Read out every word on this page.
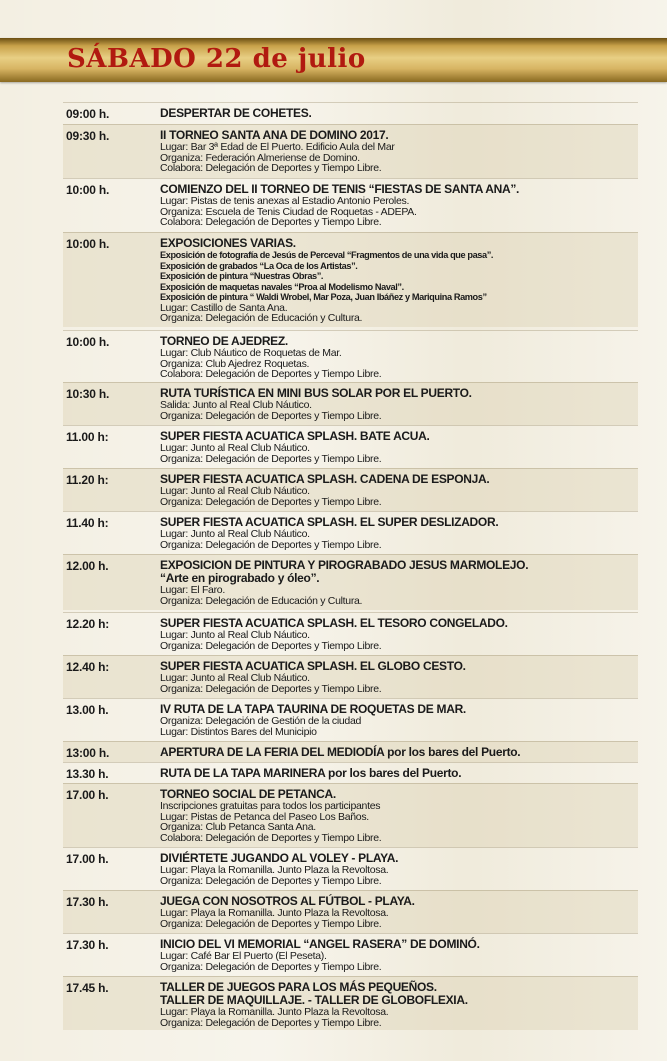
SÁBADO 22 de julio
09:00 h.	DESPERTAR DE COHETES.
09:30 h.	II TORNEO SANTA ANA DE DOMINO 2017.
Lugar: Bar 3ª Edad de El Puerto. Edificio Aula del Mar
Organiza: Federación Almeriense de Domino.
Colabora: Delegación de Deportes y Tiempo Libre.
10:00 h.	COMIENZO DEL II TORNEO DE TENIS “FIESTAS DE SANTA ANA”.
Lugar: Pistas de tenis anexas al Estadio Antonio Peroles.
Organiza: Escuela de Tenis Ciudad de Roquetas - ADEPA.
Colabora: Delegación de Deportes y Tiempo Libre.
10:00 h.	EXPOSICIONES VARIAS.
Exposición de fotografía de Jesús de Perceval “Fragmentos de una vida que pasa”.
Exposición de grabados “La Oca de los Artistas”.
Exposición de pintura “Nuestras Obras”.
Exposición de maquetas navales “Proa al Modelismo Naval”.
Exposición de pintura “ Waldi Wrobel, Mar Poza, Juan Ibáñez y Mariquina Ramos”
Lugar: Castillo de Santa Ana.
Organiza: Delegación de Educación y Cultura.
10:00 h.	TORNEO DE AJEDREZ.
Lugar: Club Náutico de Roquetas de Mar.
Organiza: Club Ajedrez Roquetas.
Colabora: Delegación de Deportes y Tiempo Libre.
10:30 h.	RUTA TURÍSTICA EN MINI BUS SOLAR POR EL PUERTO.
Salida: Junto al Real Club Náutico.
Organiza: Delegación de Deportes y Tiempo Libre.
11.00 h:	SUPER FIESTA ACUATICA SPLASH. BATE ACUA.
Lugar: Junto al Real Club Náutico.
Organiza: Delegación de Deportes y Tiempo Libre.
11.20 h:	SUPER FIESTA ACUATICA SPLASH. CADENA DE ESPONJA.
Lugar: Junto al Real Club Náutico.
Organiza: Delegación de Deportes y Tiempo Libre.
11.40 h:	SUPER FIESTA ACUATICA SPLASH. EL SUPER DESLIZADOR.
Lugar: Junto al Real Club Náutico.
Organiza: Delegación de Deportes y Tiempo Libre.
12.00 h.	EXPOSICION DE PINTURA Y PIROGRABADO JESUS MARMOLEJO.
“Arte en pirograbado y óleo”.
Lugar: El Faro.
Organiza: Delegación de Educación y Cultura.
12.20 h:	SUPER FIESTA ACUATICA SPLASH. EL TESORO CONGELADO.
Lugar: Junto al Real Club Náutico.
Organiza: Delegación de Deportes y Tiempo Libre.
12.40 h:	SUPER FIESTA ACUATICA SPLASH. EL GLOBO CESTO.
Lugar: Junto al Real Club Náutico.
Organiza: Delegación de Deportes y Tiempo Libre.
13.00 h.	IV RUTA DE LA TAPA TAURINA DE ROQUETAS DE MAR.
Organiza: Delegación de Gestión de la ciudad
Lugar: Distintos Bares del Municipio
13:00 h.	APERTURA DE LA FERIA DEL MEDIODÍA por los bares del Puerto.
13.30 h.	RUTA DE LA TAPA MARINERA por los bares del Puerto.
17.00 h.	TORNEO SOCIAL DE PETANCA.
Inscripciones gratuitas para todos los participantes
Lugar: Pistas de Petanca del Paseo Los Baños.
Organiza: Club Petanca Santa Ana.
Colabora: Delegación de Deportes y Tiempo Libre.
17.00 h.	DIVIÉRTETE JUGANDO AL VOLEY - PLAYA.
Lugar: Playa la Romanilla. Junto Plaza la Revoltosa.
Organiza: Delegación de Deportes y Tiempo Libre.
17.30 h.	JUEGA CON NOSOTROS AL FÚTBOL - PLAYA.
Lugar: Playa la Romanilla. Junto Plaza la Revoltosa.
Organiza: Delegación de Deportes y Tiempo Libre.
17.30 h.	INICIO DEL VI MEMORIAL “ANGEL RASERA” DE DOMINÓ.
Lugar: Café Bar El Puerto (El Peseta).
Organiza: Delegación de Deportes y Tiempo Libre.
17.45 h.	TALLER DE JUEGOS PARA LOS MÁS PEQUEÑOS.
TALLER DE MAQUILLAJE. - TALLER DE GLOBOFLEXIA.
Lugar: Playa la Romanilla. Junto Plaza la Revoltosa.
Organiza: Delegación de Deportes y Tiempo Libre.
